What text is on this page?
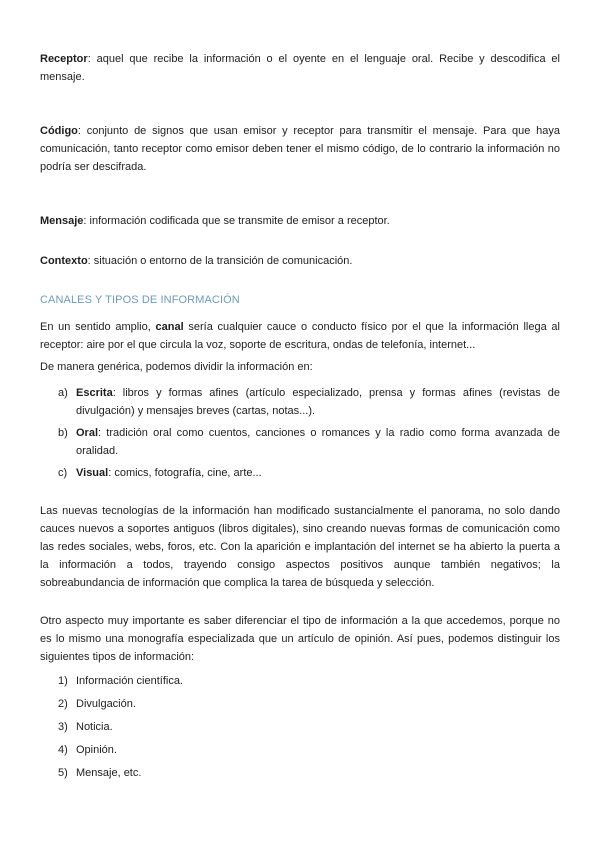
Receptor: aquel que recibe la información o el oyente en el lenguaje oral. Recibe y descodifica el mensaje.

Código: conjunto de signos que usan emisor y receptor para transmitir el mensaje. Para que haya comunicación, tanto receptor como emisor deben tener el mismo código, de lo contrario la información no podría ser descifrada.

Mensaje: información codificada que se transmite de emisor a receptor.

Contexto: situación o entorno de la transición de comunicación.

CANALES Y TIPOS DE INFORMACIÓN

En un sentido amplio, canal sería cualquier cauce o conducto físico por el que la información llega al receptor: aire por el que circula la voz, soporte de escritura, ondas de telefonía, internet...

De manera genérica, podemos dividir la información en:

a) Escrita: libros y formas afines (artículo especializado, prensa y formas afines (revistas de divulgación) y mensajes breves (cartas, notas...).
b) Oral: tradición oral como cuentos, canciones o romances y la radio como forma avanzada de oralidad.
c) Visual: comics, fotografía, cine, arte...

Las nuevas tecnologías de la información han modificado sustancialmente el panorama, no solo dando cauces nuevos a soportes antiguos (libros digitales), sino creando nuevas formas de comunicación como las redes sociales, webs, foros, etc. Con la aparición e implantación del internet se ha abierto la puerta a la información a todos, trayendo consigo aspectos positivos aunque también negativos; la sobreabundancia de información que complica la tarea de búsqueda y selección.

Otro aspecto muy importante es saber diferenciar el tipo de información a la que accedemos, porque no es lo mismo una monografía especializada que un artículo de opinión. Así pues, podemos distinguir los siguientes tipos de información:

1) Información científica.
2) Divulgación.
3) Noticia.
4) Opinión.
5) Mensaje, etc.
